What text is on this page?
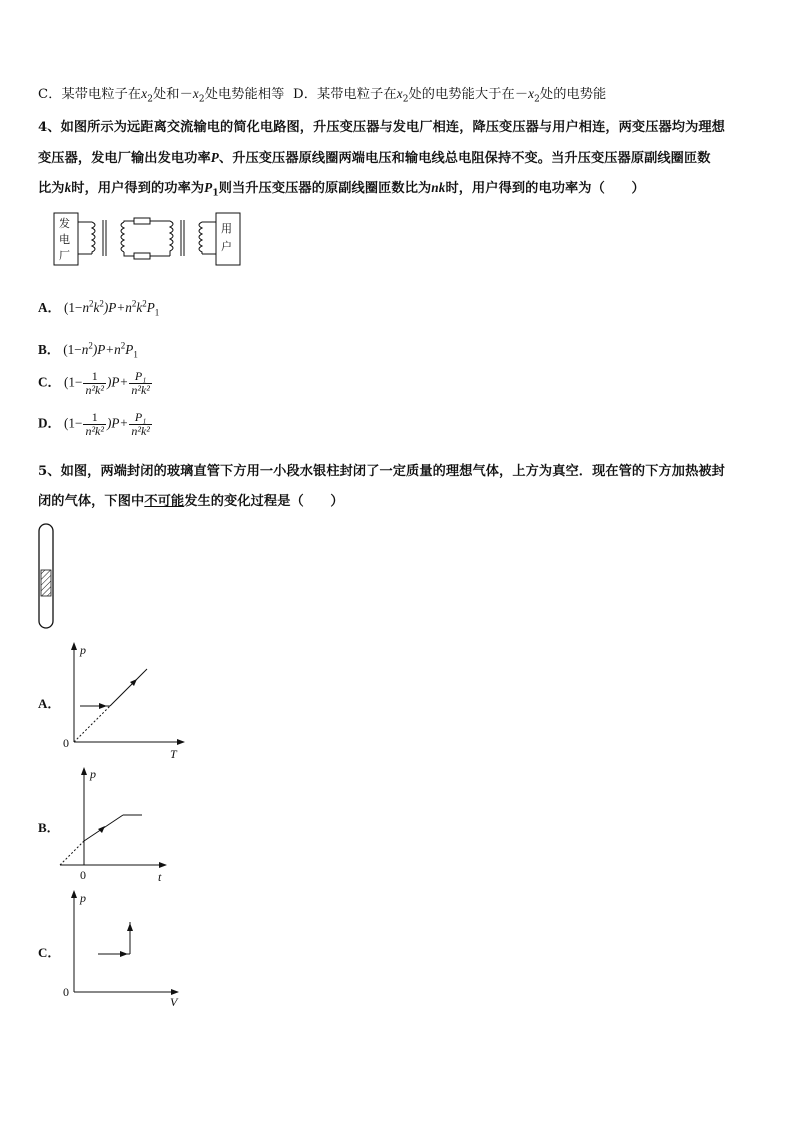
C．某带电粒子在$x_2$处和$-x_2$处电势能相等 D．某带电粒子在$x_2$处的电势能大于在$-x_2$处的电势能
4、如图所示为远距离交流输电的简化电路图，升压变压器与发电厂相连，降压变压器与用户相连，两变压器均为理想
变压器，发电厂输出发电功率P、升压变压器原线圈两端电压和输电线总电阻保持不变。当升压变压器原副线圈匝数
比为k时，用户得到的功率为$P_1$则当升压变压器的原副线圈匝数比为nk时，用户得到的电功率为（　　）
发
电
厂
用
户
A． $(1-n^2k^2)P+n^2k^2P_1$
B． $(1-n^2)P+n^2P_1$
C． $(1- \frac{1}{\text{n²k²}} )P+ \frac{\text{P₁}}{\text{n²k²}}$
D． $(1- \frac{1}{\text{n²k²}} )P+ \frac{\text{P₁}}{\text{n²k²}}$
5、如图，两端封闭的玻璃直管下方用一小段水银柱封闭了一定质量的理想气体，上方为真空．现在管的下方加热被封
闭的气体，下图中不可能发生的变化过程是（　　）
A．
p
T
0
B．
p
t
0
C．
p
V
0
